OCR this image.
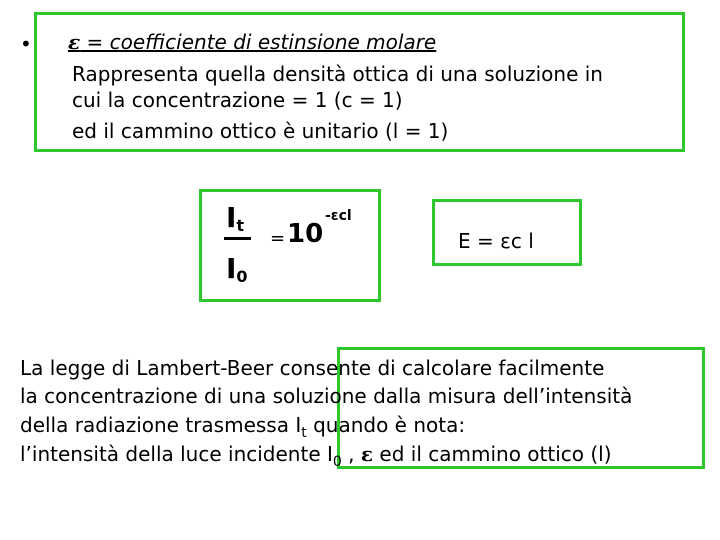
• ε = coefficiente di estinsione molare
Rappresenta quella densità ottica di una soluzione in
cui la concentrazione = 1 (c = 1)
ed il cammino ottico è unitario (l = 1)
$I_t$
$I_0$
= 10
-εcl
E = εc l
La legge di Lambert-Beer consente di calcolare facilmente
la concentrazione di una soluzione dalla misura dell’intensità
della radiazione trasmessa $I_t$ quando è nota:
l’intensità della luce incidente $I_0$ , ε ed il cammino ottico (l)
